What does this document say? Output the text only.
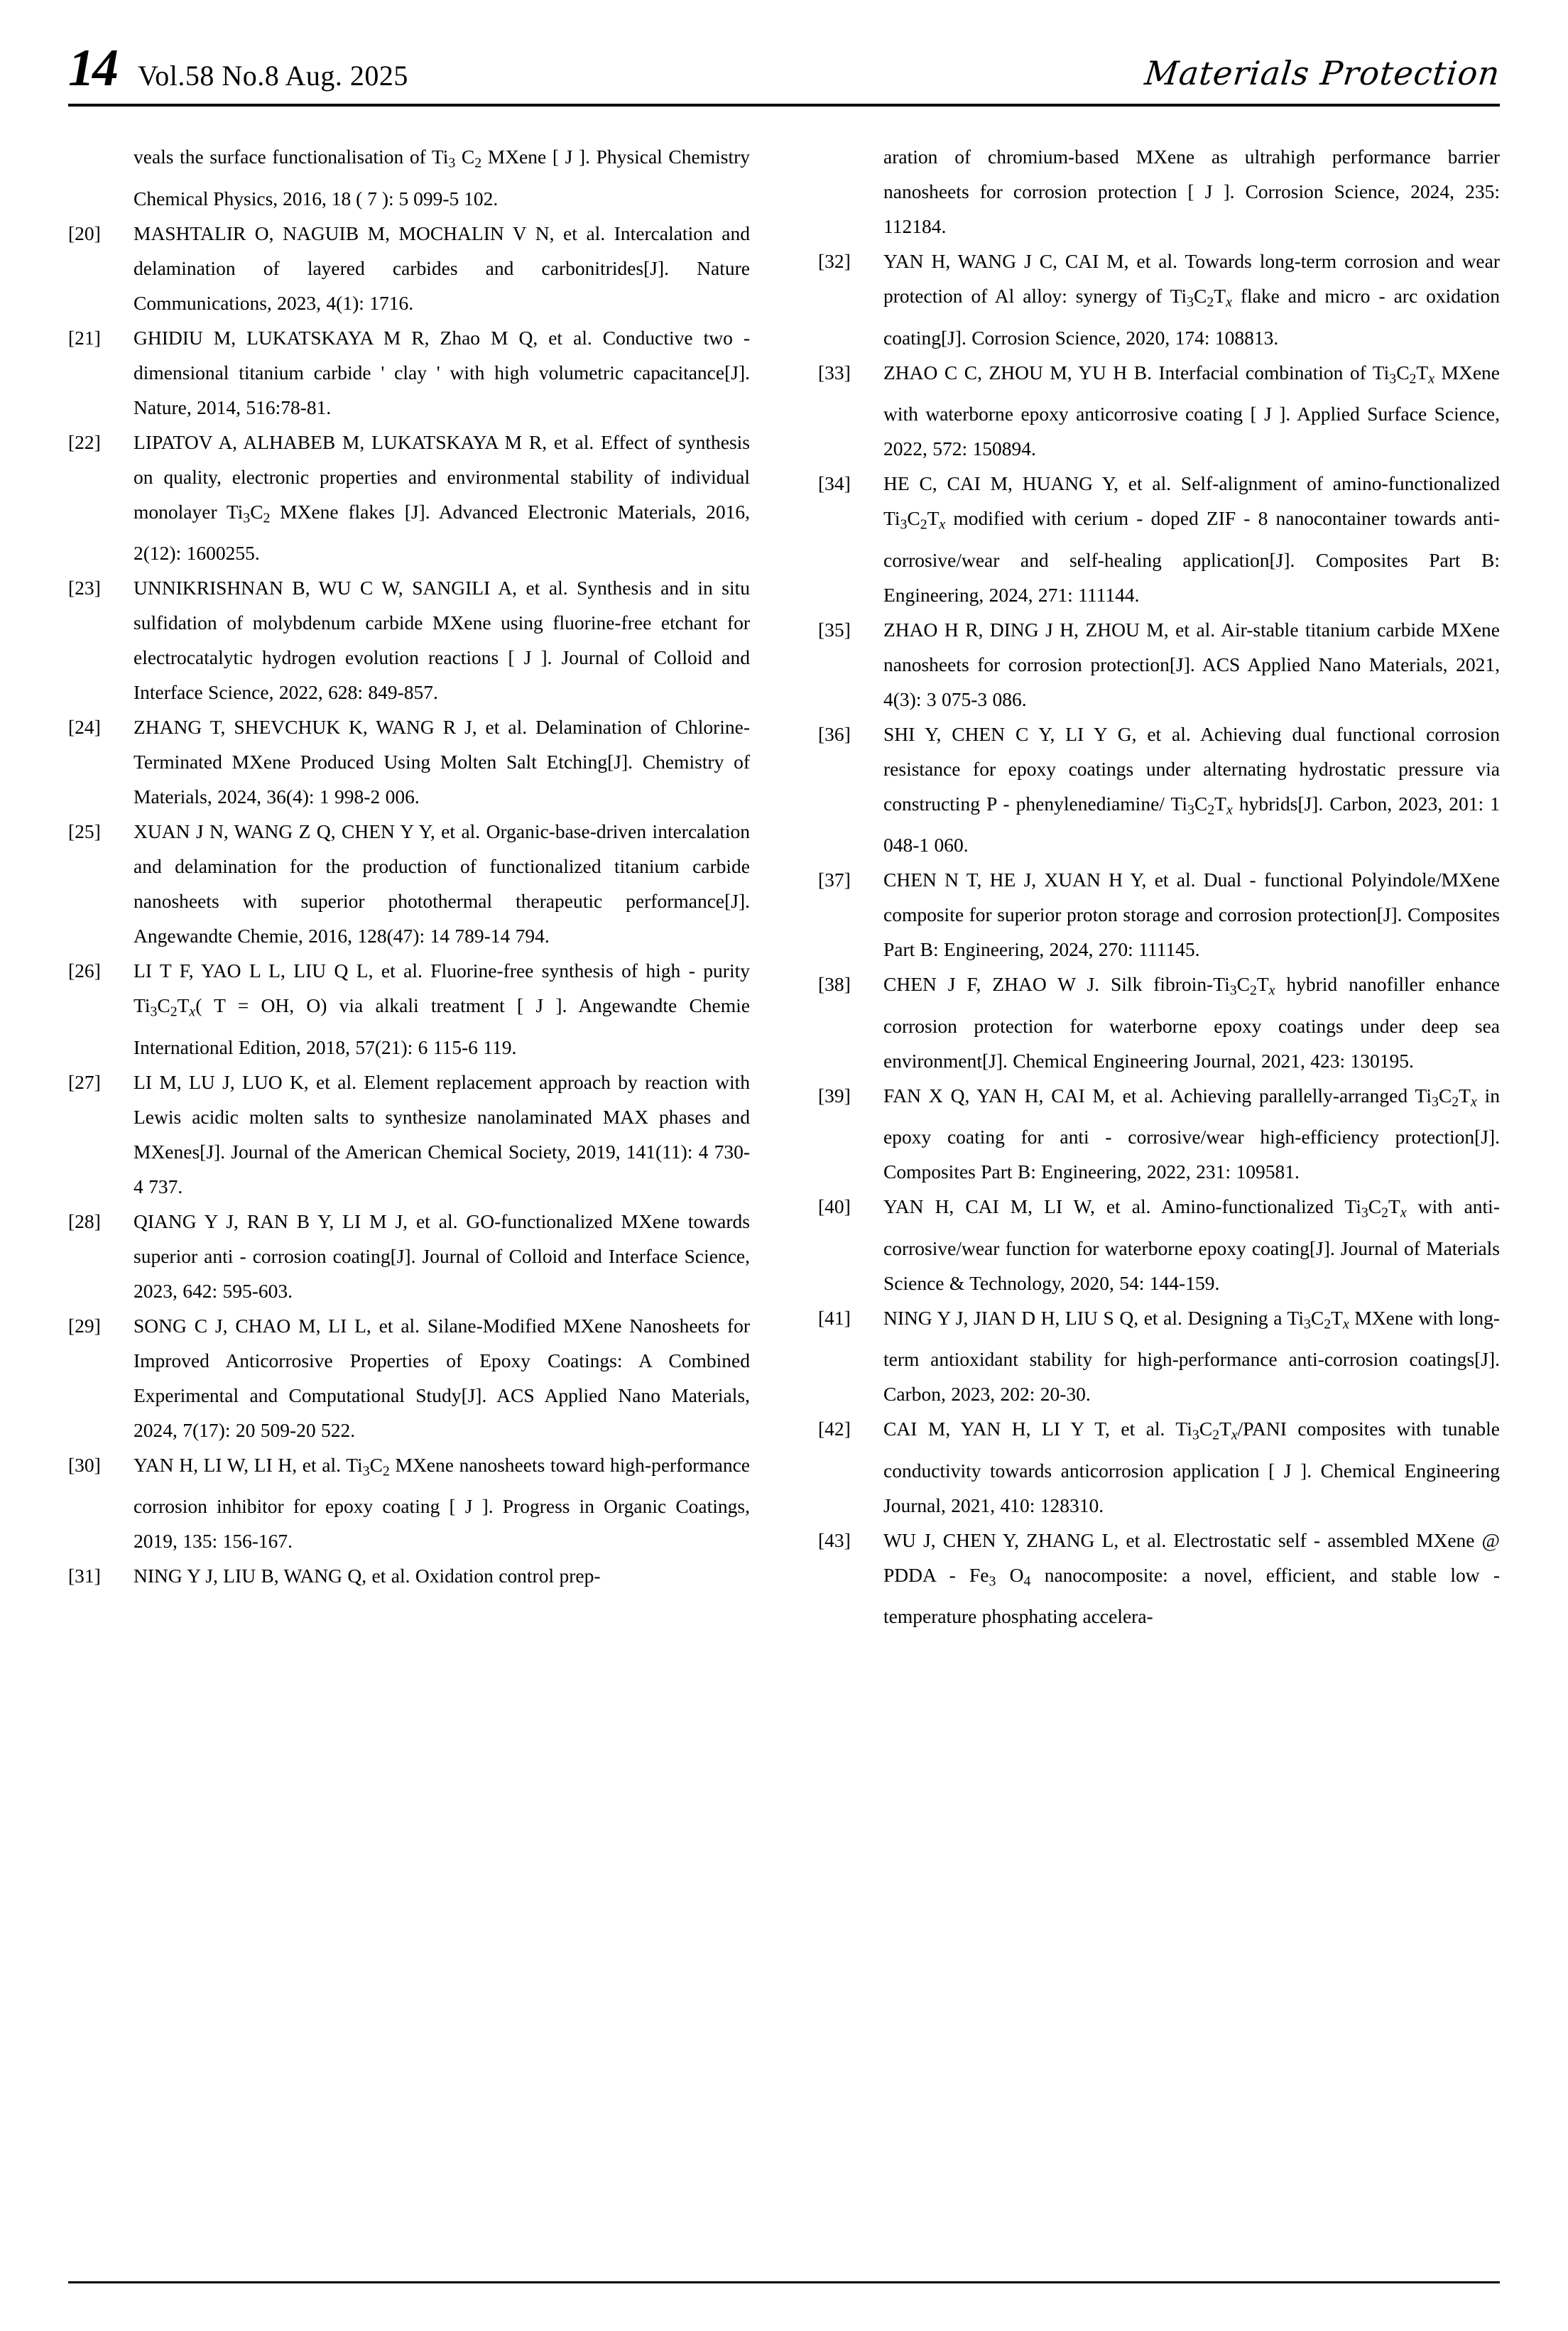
14 Vol.58 No.8 Aug. 2025	Materials Protection
veals the surface functionalisation of $Ti_3$ $C_2$ MXene [ J ]. Physical Chemistry Chemical Physics, 2016, 18 ( 7 ): 5 099-5 102.
[20]	MASHTALIR O, NAGUIB M, MOCHALIN V N, et al. Intercalation and delamination of layered carbides and carbonitrides[J]. Nature Communications, 2023, 4(1): 1716.
[21]	GHIDIU M, LUKATSKAYA M R, Zhao M Q, et al. Conductive two - dimensional titanium carbide ' clay ' with high volumetric capacitance[J]. Nature, 2014, 516:78-81.
[22]	LIPATOV A, ALHABEB M, LUKATSKAYA M R, et al. Effect of synthesis on quality, electronic properties and environmental stability of individual monolayer $Ti_3C_2$ MXene flakes [J]. Advanced Electronic Materials, 2016, 2(12): 1600255.
[23]	UNNIKRISHNAN B, WU C W, SANGILI A, et al. Synthesis and in situ sulfidation of molybdenum carbide MXene using fluorine-free etchant for electrocatalytic hydrogen evolution reactions [ J ]. Journal of Colloid and Interface Science, 2022, 628: 849-857.
[24]	ZHANG T, SHEVCHUK K, WANG R J, et al. Delamination of Chlorine-Terminated MXene Produced Using Molten Salt Etching[J]. Chemistry of Materials, 2024, 36(4): 1 998-2 006.
[25]	XUAN J N, WANG Z Q, CHEN Y Y, et al. Organic-base-driven intercalation and delamination for the production of functionalized titanium carbide nanosheets with superior photothermal therapeutic performance[J]. Angewandte Chemie, 2016, 128(47): 14 789-14 794.
[26]	LI T F, YAO L L, LIU Q L, et al. Fluorine-free synthesis of high - purity $Ti_3C_2T_x$( T = OH, O) via alkali treatment [ J ]. Angewandte Chemie International Edition, 2018, 57(21): 6 115-6 119.
[27]	LI M, LU J, LUO K, et al. Element replacement approach by reaction with Lewis acidic molten salts to synthesize nanolaminated MAX phases and MXenes[J]. Journal of the American Chemical Society, 2019, 141(11): 4 730-4 737.
[28]	QIANG Y J, RAN B Y, LI M J, et al. GO-functionalized MXene towards superior anti - corrosion coating[J]. Journal of Colloid and Interface Science, 2023, 642: 595-603.
[29]	SONG C J, CHAO M, LI L, et al. Silane-Modified MXene Nanosheets for Improved Anticorrosive Properties of Epoxy Coatings: A Combined Experimental and Computational Study[J]. ACS Applied Nano Materials, 2024, 7(17): 20 509-20 522.
[30]	YAN H, LI W, LI H, et al. $Ti_3C_2$ MXene nanosheets toward high-performance corrosion inhibitor for epoxy coating [ J ]. Progress in Organic Coatings, 2019, 135: 156-167.
[31]	NING Y J, LIU B, WANG Q, et al. Oxidation control prep-
aration of chromium-based MXene as ultrahigh performance barrier nanosheets for corrosion protection [ J ]. Corrosion Science, 2024, 235: 112184.
[32]	YAN H, WANG J C, CAI M, et al. Towards long-term corrosion and wear protection of Al alloy: synergy of $Ti_3C_2T_x$ flake and micro - arc oxidation coating[J]. Corrosion Science, 2020, 174: 108813.
[33]	ZHAO C C, ZHOU M, YU H B. Interfacial combination of $Ti_3C_2T_x$ MXene with waterborne epoxy anticorrosive coating [ J ]. Applied Surface Science, 2022, 572: 150894.
[34]	HE C, CAI M, HUANG Y, et al. Self-alignment of amino-functionalized $Ti_3C_2T_x$ modified with cerium - doped ZIF - 8 nanocontainer towards anti-corrosive/wear and self-healing application[J]. Composites Part B: Engineering, 2024, 271: 111144.
[35]	ZHAO H R, DING J H, ZHOU M, et al. Air-stable titanium carbide MXene nanosheets for corrosion protection[J]. ACS Applied Nano Materials, 2021, 4(3): 3 075-3 086.
[36]	SHI Y, CHEN C Y, LI Y G, et al. Achieving dual functional corrosion resistance for epoxy coatings under alternating hydrostatic pressure via constructing P - phenylenediamine/ $Ti_3C_2T_x$ hybrids[J]. Carbon, 2023, 201: 1 048-1 060.
[37]	CHEN N T, HE J, XUAN H Y, et al. Dual - functional Polyindole/MXene composite for superior proton storage and corrosion protection[J]. Composites Part B: Engineering, 2024, 270: 111145.
[38]	CHEN J F, ZHAO W J. Silk fibroin-$Ti_3C_2T_x$ hybrid nanofiller enhance corrosion protection for waterborne epoxy coatings under deep sea environment[J]. Chemical Engineering Journal, 2021, 423: 130195.
[39]	FAN X Q, YAN H, CAI M, et al. Achieving parallelly-arranged $Ti_3C_2T_x$ in epoxy coating for anti - corrosive/wear high-efficiency protection[J]. Composites Part B: Engineering, 2022, 231: 109581.
[40]	YAN H, CAI M, LI W, et al. Amino-functionalized $Ti_3C_2T_x$ with anti-corrosive/wear function for waterborne epoxy coating[J]. Journal of Materials Science & Technology, 2020, 54: 144-159.
[41]	NING Y J, JIAN D H, LIU S Q, et al. Designing a $Ti_3C_2T_x$ MXene with long-term antioxidant stability for high-performance anti-corrosion coatings[J]. Carbon, 2023, 202: 20-30.
[42]	CAI M, YAN H, LI Y T, et al. $Ti_3C_2T_x$/PANI composites with tunable conductivity towards anticorrosion application [ J ]. Chemical Engineering Journal, 2021, 410: 128310.
[43]	WU J, CHEN Y, ZHANG L, et al. Electrostatic self - assembled MXene @ PDDA - $Fe_3$ $O_4$ nanocomposite: a novel, efficient, and stable low - temperature phosphating accelera-
